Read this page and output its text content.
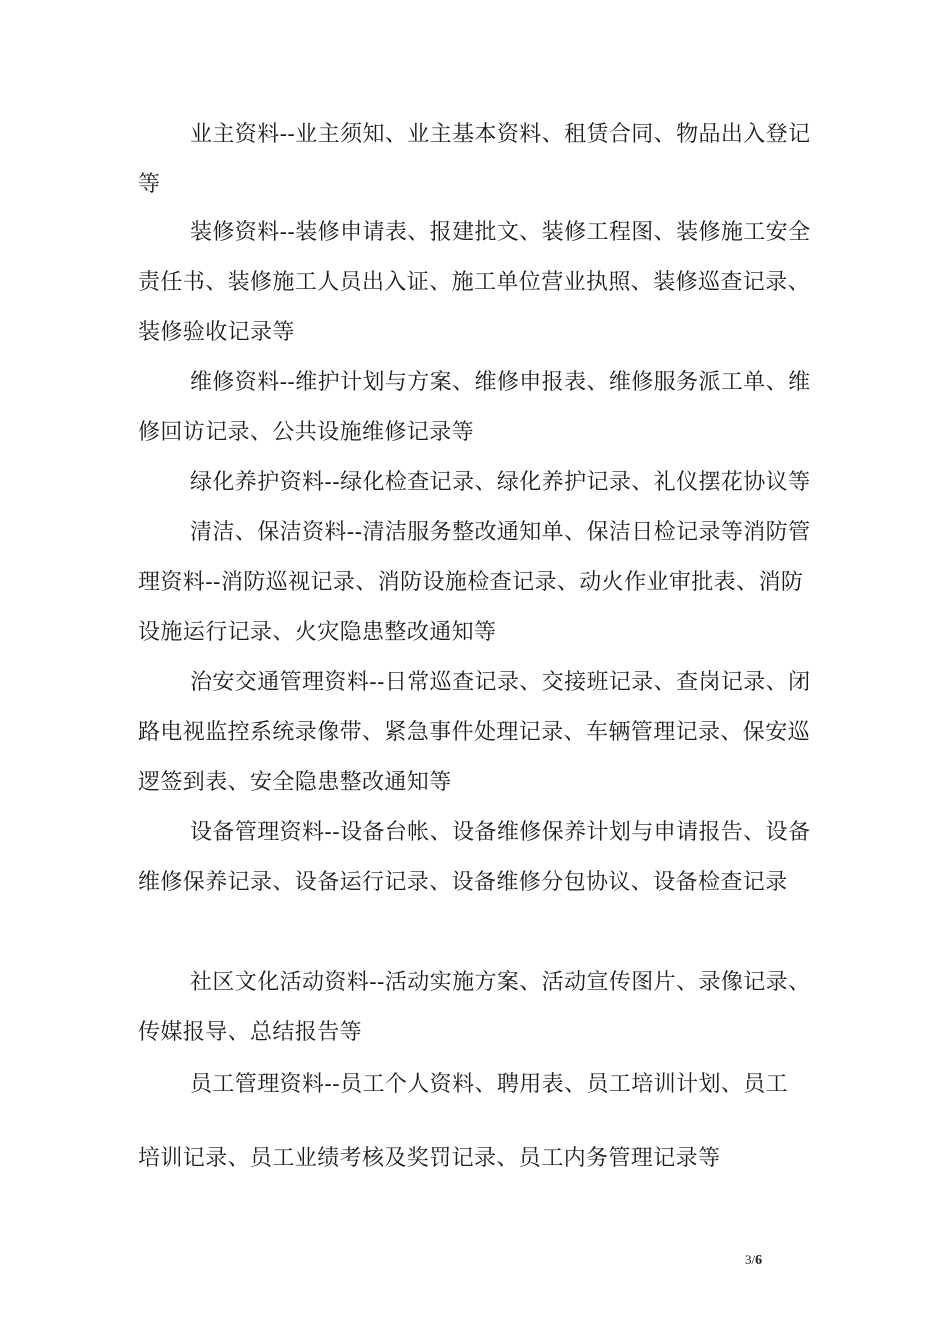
业主资料--业主须知、业主基本资料、租赁合同、物品出入登记
等
装修资料--装修申请表、报建批文、装修工程图、装修施工安全
责任书、装修施工人员出入证、施工单位营业执照、装修巡查记录、
装修验收记录等
维修资料--维护计划与方案、维修申报表、维修服务派工单、维
修回访记录、公共设施维修记录等
绿化养护资料--绿化检查记录、绿化养护记录、礼仪摆花协议等
清洁、保洁资料--清洁服务整改通知单、保洁日检记录等消防管
理资料--消防巡视记录、消防设施检查记录、动火作业审批表、消防
设施运行记录、火灾隐患整改通知等
治安交通管理资料--日常巡查记录、交接班记录、查岗记录、闭
路电视监控系统录像带、紧急事件处理记录、车辆管理记录、保安巡
逻签到表、安全隐患整改通知等
设备管理资料--设备台帐、设备维修保养计划与申请报告、设备
维修保养记录、设备运行记录、设备维修分包协议、设备检查记录
社区文化活动资料--活动实施方案、活动宣传图片、录像记录、
传媒报导、总结报告等
员工管理资料--员工个人资料、聘用表、员工培训计划、员工
培训记录、员工业绩考核及奖罚记录、员工内务管理记录等
3/6
